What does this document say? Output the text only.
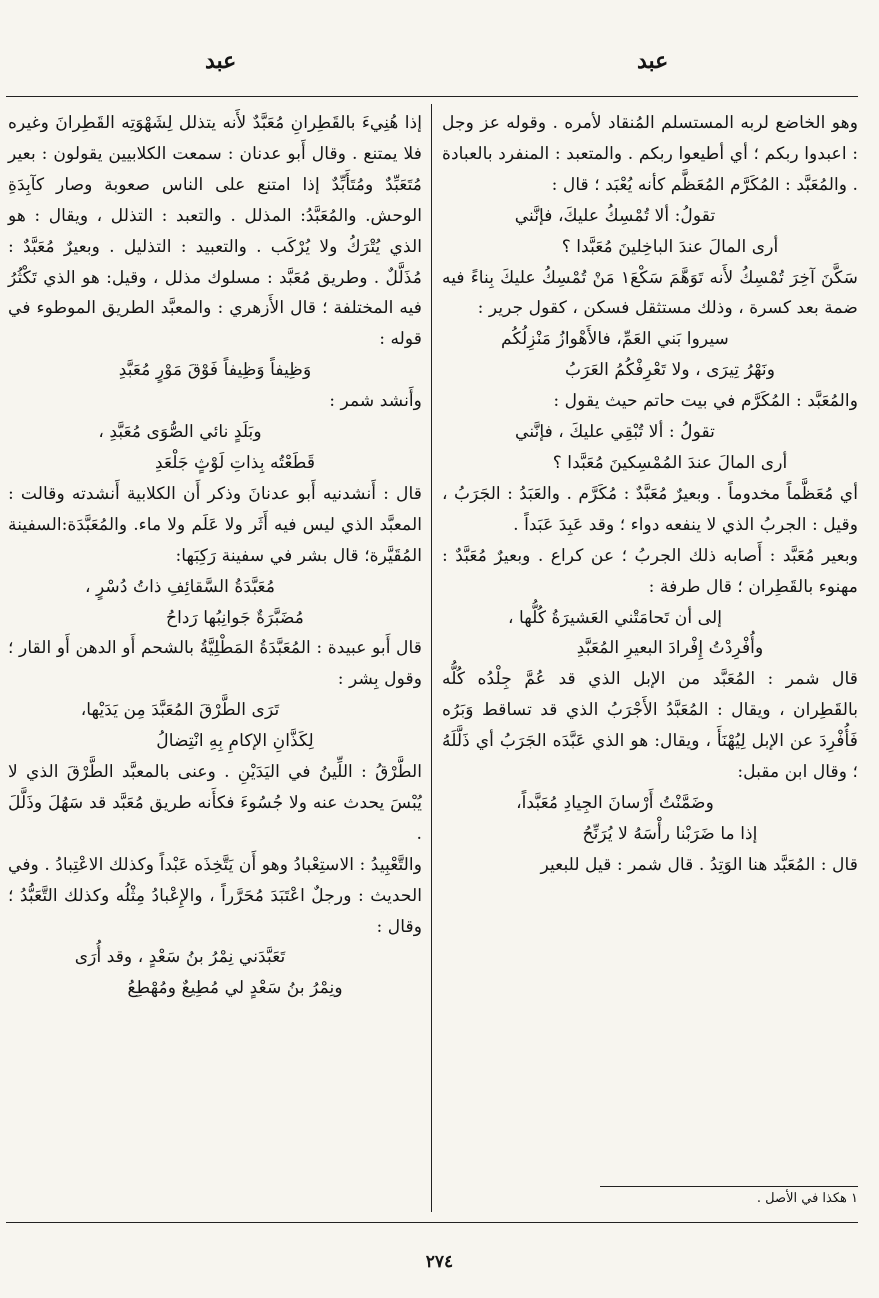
عبد
عبد

وهو الخاضع لربه المستسلم المُنقاد لأمره . وقوله عز وجل : اعبدوا ربكم ؛ أي أطيعوا ربكم . والمتعبد : المنفرد بالعبادة . والمُعَبَّد : المُكَرَّم المُعَظَّم كأنه يُعْبَد ؛ قال :

تقولُ: ألا تُمْسِكُ عليكَ، فإنَّني

أرى المالَ عندَ الباخِلينَ مُعَبَّدا ؟

سَكَّنَ آخِرَ تُمْسِكُ لأَنه تَوَهَّمَ سَكْعَ١ مَنْ تُمْسِكُ عليكَ بِناءً فيه ضمة بعد كسرة ، وذلك مستثقل فسكن ، كقول جرير :

سيروا بَني العَمِّ، فالأَهْوازُ مَنْزِلُكُم

ونَهْرُ تِيرَى ، ولا تَعْرِفْكُمُ العَرَبُ

والمُعَبَّد : المُكَرَّم في بيت حاتم حيث يقول :

تقولُ : ألا تُبْقِي عليكَ ، فإنَّني

أرى المالَ عندَ المُمْسِكينَ مُعَبَّدا ؟

أي مُعَظَّماً مخدوماً . وبعيرٌ مُعَبَّدٌ : مُكَرَّم . والعَبَدُ : الجَرَبُ ، وقيل : الجربُ الذي لا ينفعه دواء ؛ وقد عَبِدَ عَبَداً .

وبعير مُعَبَّد : أَصابه ذلك الجربُ ؛ عن كراع . وبعيرٌ مُعَبَّدٌ : مهنوء بالقَطِران ؛ قال طرفة :

إلى أن تَحامَتْني العَشيرَةُ كُلُّها ،

وأُفْرِدْتُ إِفْرادَ البعيرِ المُعَبَّدِ

قال شمر : المُعَبَّد من الإبل الذي قد عُمَّ جِلْدُه كُلُّه بالقَطِران ، ويقال : المُعَبَّدُ الأَجْرَبُ الذي قد تساقط وَبَرُه فَأُفْرِدَ عن الإبل لِيُهْنَأَ ، ويقال: هو الذي عَبَّدَه الجَرَبُ أي ذَلَّلَهُ ؛ وقال ابن مقبل:

وضَمَّنْتُ أَرْسانَ الجِيادِ مُعَبَّداً،

إذا ما ضَرَبْنا رأْسَهُ لا يُرَنِّحُ

قال : المُعَبَّد هنا الوَتِدُ . قال شمر : قيل للبعير

إذا هُنِيءَ بالقَطِرانِ مُعَبَّدٌ لأَنه يتذلل لِشَهْوَتِه القَطِرانَ وغيره فلا يمتنع . وقال أَبو عدنان : سمعت الكلابيين يقولون : بعير مُتَعَبِّدٌ ومُتَأَبِّدٌ إذا امتنع على الناس صعوبة وصار كآبِدَةِ الوحش. والمُعَبَّدُ: المذلل . والتعبد : التذلل ، ويقال : هو الذي يُتْرَكُ ولا يُرْكَب . والتعبيد : التذليل . وبعيرٌ مُعَبَّدٌ : مُذَلَّلٌ . وطريق مُعَبَّد : مسلوك مذلل ، وقيل: هو الذي تَكْثُرُ فيه المختلفة ؛ قال الأَزهري : والمعبَّد الطريق الموطوء في قوله :

وَظِيفاً وَظِيفاً فَوْقَ مَوْرٍ مُعَبَّدِ

وأَنشد شمر :

وبَلَدٍ نائي الصُّوَى مُعَبَّدِ ،

قَطَعْتُه بِذاتِ لَوْثٍ جَلْعَدِ

قال : أَنشدنيه أَبو عدنانَ وذكر أَن الكلابية أَنشدته وقالت : المعبَّد الذي ليس فيه أَثَر ولا عَلَم ولا ماء. والمُعَبَّدَة:السفينة المُقَيَّرة؛ قال بشر في سفينة رَكِبَها:

مُعَبَّدَةُ السَّقائِفِ ذاتُ دُسْرٍ ،

مُضَبَّرَةٌ جَوانِبُها رَداحُ

قال أَبو عبيدة : المُعَبَّدَةُ المَطْلِيَّةُ بالشحم أَو الدهن أَو القار ؛ وقول بِشر :

تَرَى الطَّرْقَ المُعَبَّدَ مِن يَدَيْها،

لِكَذَّانِ الإكامِ بِهِ انْتِضالُ

الطَّرْقُ : اللِّينُ في اليَدَيْنِ . وعنى بالمعبَّد الطَّرْقَ الذي لا يُبْسَ يحدث عنه ولا جُسُوءَ فكأَنه طريق مُعَبَّد قد سَهُلَ وذَلَّلَ .

والتَّعْبِيدُ : الاستِعْبادُ وهو أَن يَتَّخِذَه عَبْداً وكذلك الاعْتِبادُ . وفي الحديث : ورجلٌ اعْتَبَدَ مُحَرَّراً ، والإِعْبادُ مِثْلُه وكذلك التَّعَبُّدُ ؛ وقال :

تَعَبَّدَني نِمْرُ بنُ سَعْدٍ ، وقد أُرَى

ونِمْرُ بنُ سَعْدٍ لي مُطِيعٌ ومُهْطِعُ

١ هكذا في الأصل .
٢٧٤
